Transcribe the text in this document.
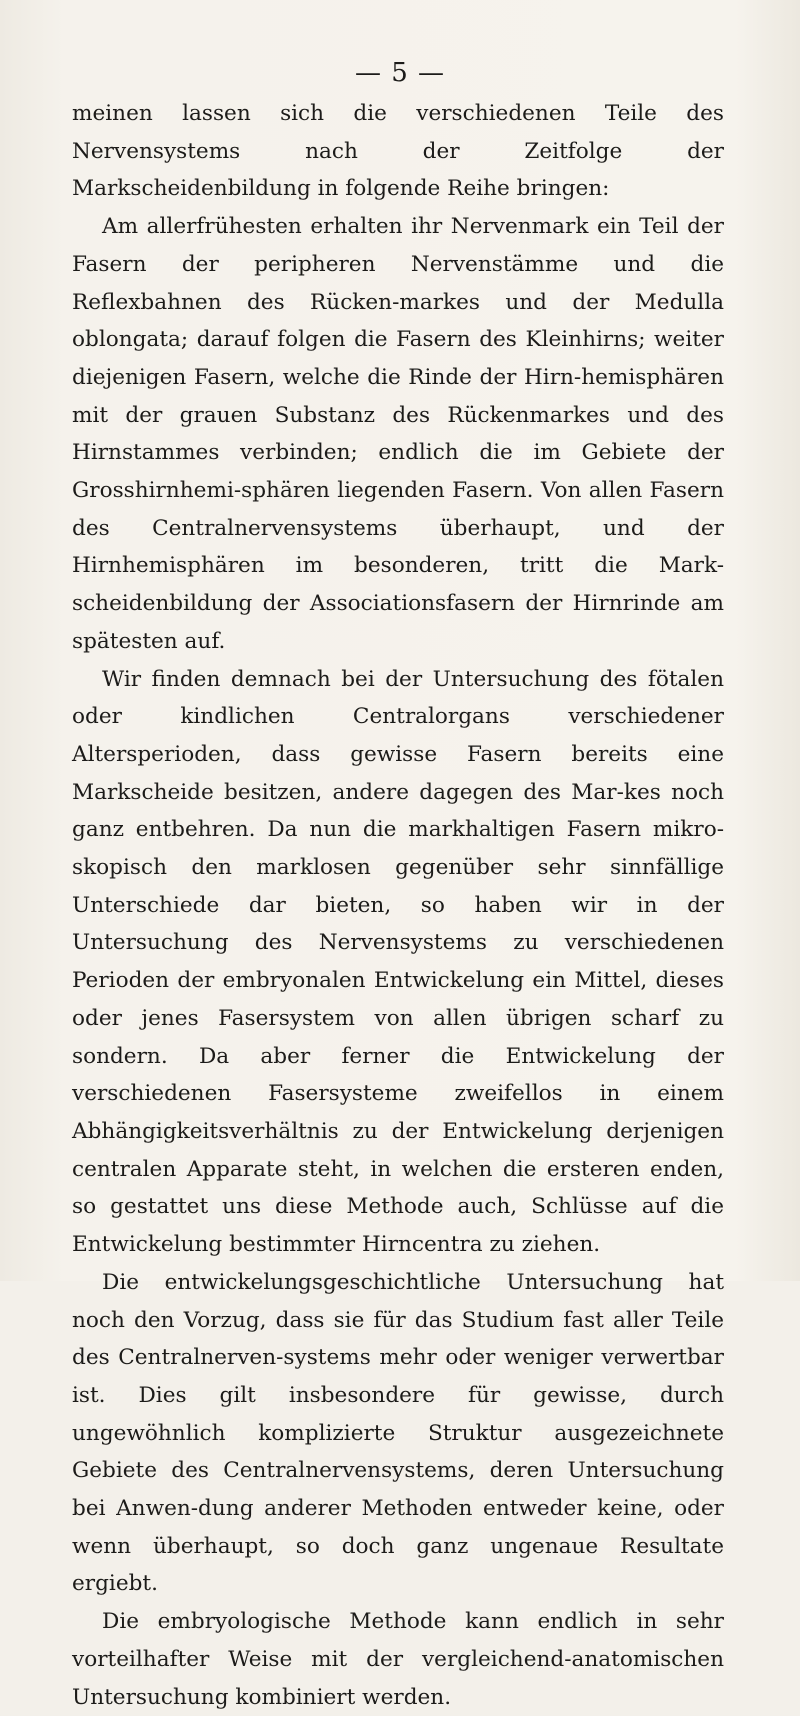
— 5 —

meinen lassen sich die verschiedenen Teile des Nervensystems nach der Zeitfolge der Markscheidenbildung in folgende Reihe bringen:

Am allerfrühesten erhalten ihr Nervenmark ein Teil der Fasern der peripheren Nervenstämme und die Reflexbahnen des Rücken-markes und der Medulla oblongata; darauf folgen die Fasern des Kleinhirns; weiter diejenigen Fasern, welche die Rinde der Hirn-hemisphären mit der grauen Substanz des Rückenmarkes und des Hirnstammes verbinden; endlich die im Gebiete der Grosshirnhemi-sphären liegenden Fasern. Von allen Fasern des Centralnervensystems überhaupt, und der Hirnhemisphären im besonderen, tritt die Mark-scheidenbildung der Associationsfasern der Hirnrinde am spätesten auf.

Wir finden demnach bei der Untersuchung des fötalen oder kindlichen Centralorgans verschiedener Altersperioden, dass gewisse Fasern bereits eine Markscheide besitzen, andere dagegen des Mar-kes noch ganz entbehren. Da nun die markhaltigen Fasern mikro-skopisch den marklosen gegenüber sehr sinnfällige Unterschiede dar bieten, so haben wir in der Untersuchung des Nervensystems zu verschiedenen Perioden der embryonalen Entwickelung ein Mittel, dieses oder jenes Fasersystem von allen übrigen scharf zu sondern. Da aber ferner die Entwickelung der verschiedenen Fasersysteme zweifellos in einem Abhängigkeitsverhältnis zu der Entwickelung derjenigen centralen Apparate steht, in welchen die ersteren enden, so gestattet uns diese Methode auch, Schlüsse auf die Entwickelung bestimmter Hirncentra zu ziehen.

Die entwickelungsgeschichtliche Untersuchung hat noch den Vorzug, dass sie für das Studium fast aller Teile des Centralnerven-systems mehr oder weniger verwertbar ist. Dies gilt insbesondere für gewisse, durch ungewöhnlich komplizierte Struktur ausgezeichnete Gebiete des Centralnervensystems, deren Untersuchung bei Anwen-dung anderer Methoden entweder keine, oder wenn überhaupt, so doch ganz ungenaue Resultate ergiebt.

Die embryologische Methode kann endlich in sehr vorteilhafter Weise mit der vergleichend-anatomischen Untersuchung kombiniert werden.
